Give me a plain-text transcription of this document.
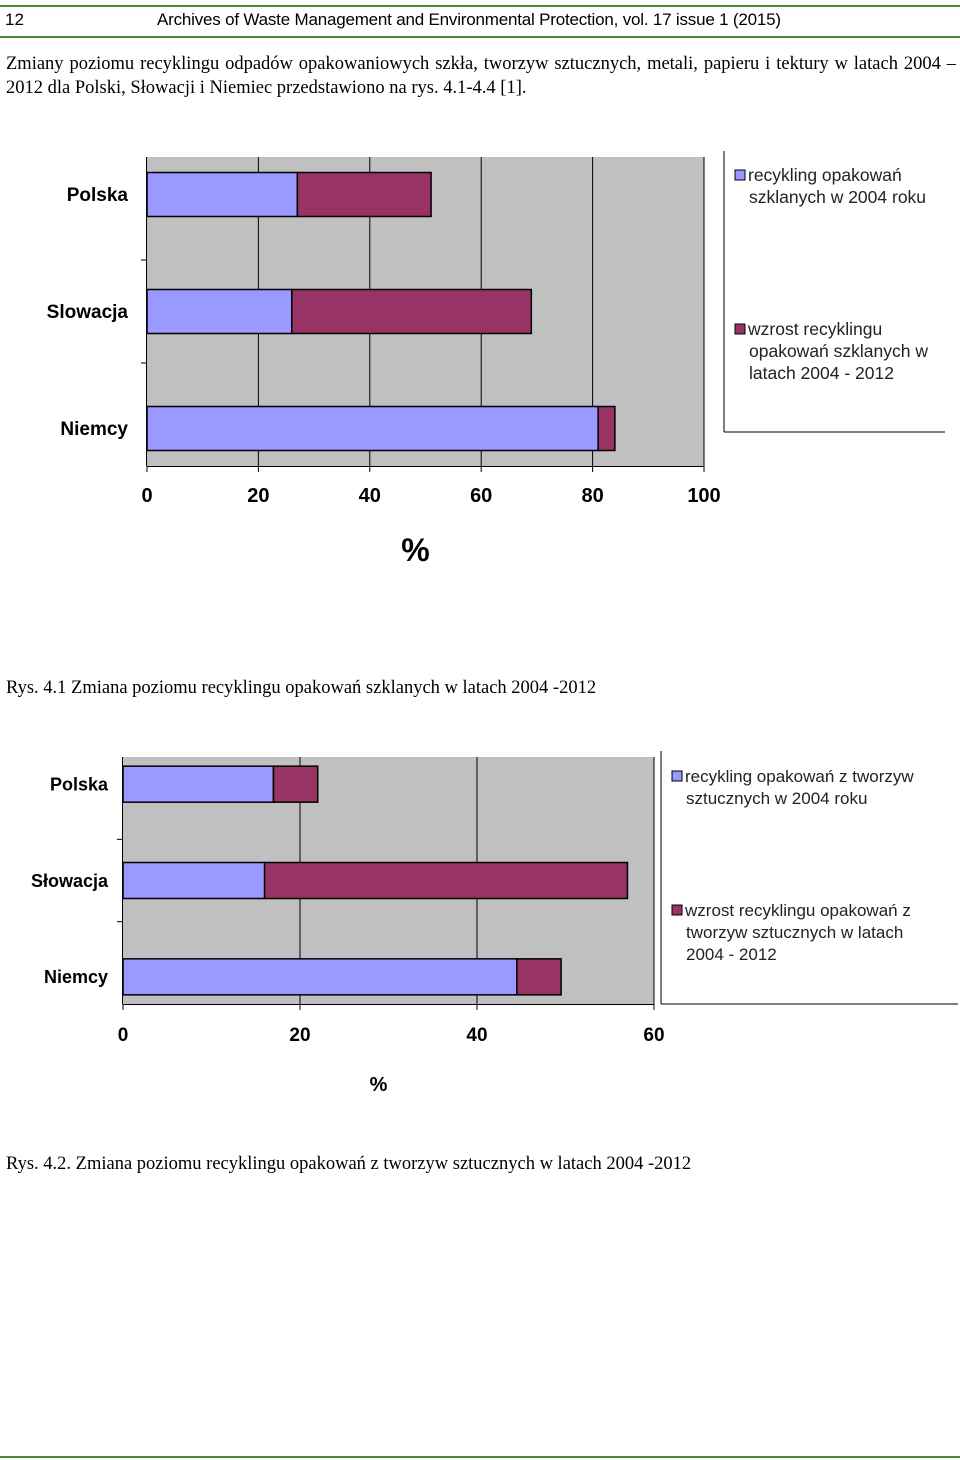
12	Archives of Waste Management and Environmental Protection, vol. 17 issue 1 (2015)

Zmiany poziomu recyklingu odpadów opakowaniowych szkła, tworzyw sztucznych, metali, papieru i tektury w latach 2004 – 2012 dla Polski, Słowacji i Niemiec przedstawiono na rys. 4.1-4.4 [1].

0	20	40	60	80	100
%
Polska
Slowacja
Niemcy
recykling opakowań
szklanych w 2004 roku
wzrost recyklingu
opakowań szklanych w
latach 2004 - 2012
Rys. 4.1 Zmiana poziomu recyklingu opakowań szklanych w latach 2004 -2012
0	20	40	60
%
Polska
Słowacja
Niemcy
recykling opakowań z tworzyw
sztucznych w 2004 roku
wzrost recyklingu opakowań z
tworzyw sztucznych w latach
2004 - 2012
Rys. 4.2. Zmiana poziomu recyklingu opakowań z tworzyw sztucznych w latach 2004 -2012
